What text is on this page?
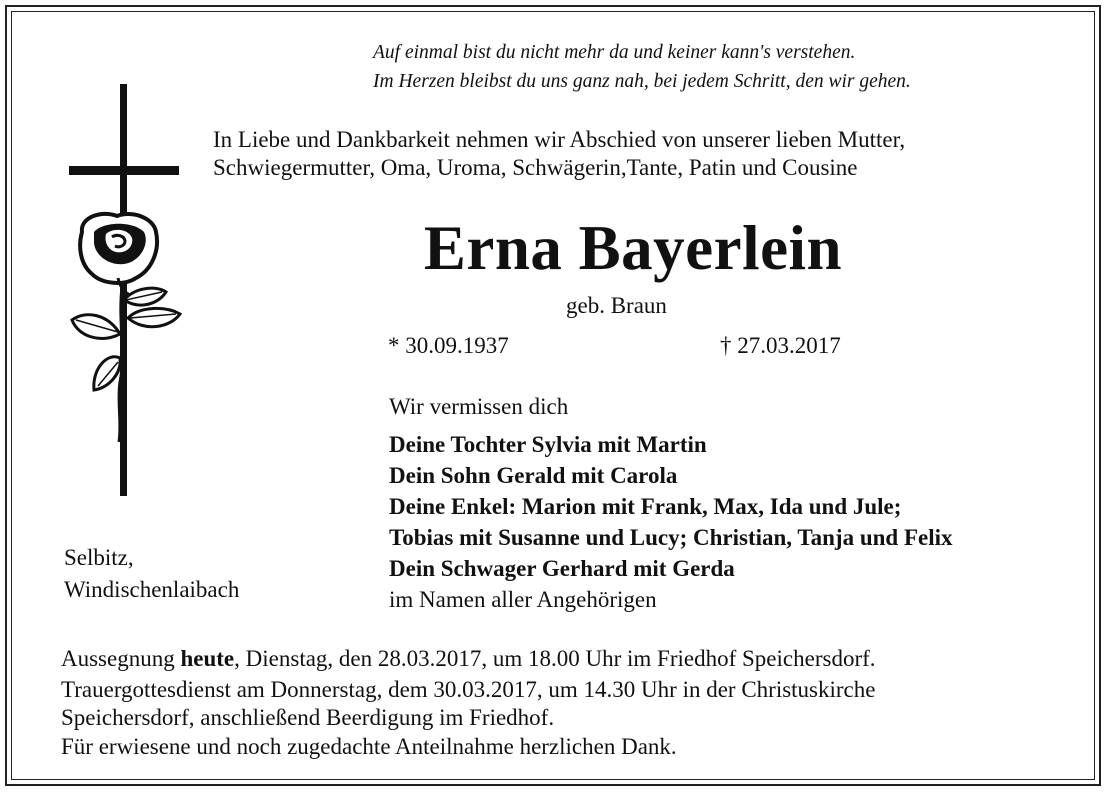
Auf einmal bist du nicht mehr da und keiner kann's verstehen.
Im Herzen bleibst du uns ganz nah, bei jedem Schritt, den wir gehen.
In Liebe und Dankbarkeit nehmen wir Abschied von unserer lieben Mutter,
Schwiegermutter, Oma, Uroma, Schwägerin,Tante, Patin und Cousine
Erna Bayerlein
geb. Braun
* 30.09.1937	† 27.03.2017
Wir vermissen dich
Deine Tochter Sylvia mit Martin
Dein Sohn Gerald mit Carola
Deine Enkel: Marion mit Frank, Max, Ida und Jule;
Tobias mit Susanne und Lucy; Christian, Tanja und Felix
Dein Schwager Gerhard mit Gerda
im Namen aller Angehörigen
Selbitz,
Windischenlaibach
Aussegnung heute, Dienstag, den 28.03.2017, um 18.00 Uhr im Friedhof Speichersdorf.
Trauergottesdienst am Donnerstag, dem 30.03.2017, um 14.30 Uhr in der Christuskirche
Speichersdorf, anschließend Beerdigung im Friedhof.
Für erwiesene und noch zugedachte Anteilnahme herzlichen Dank.
